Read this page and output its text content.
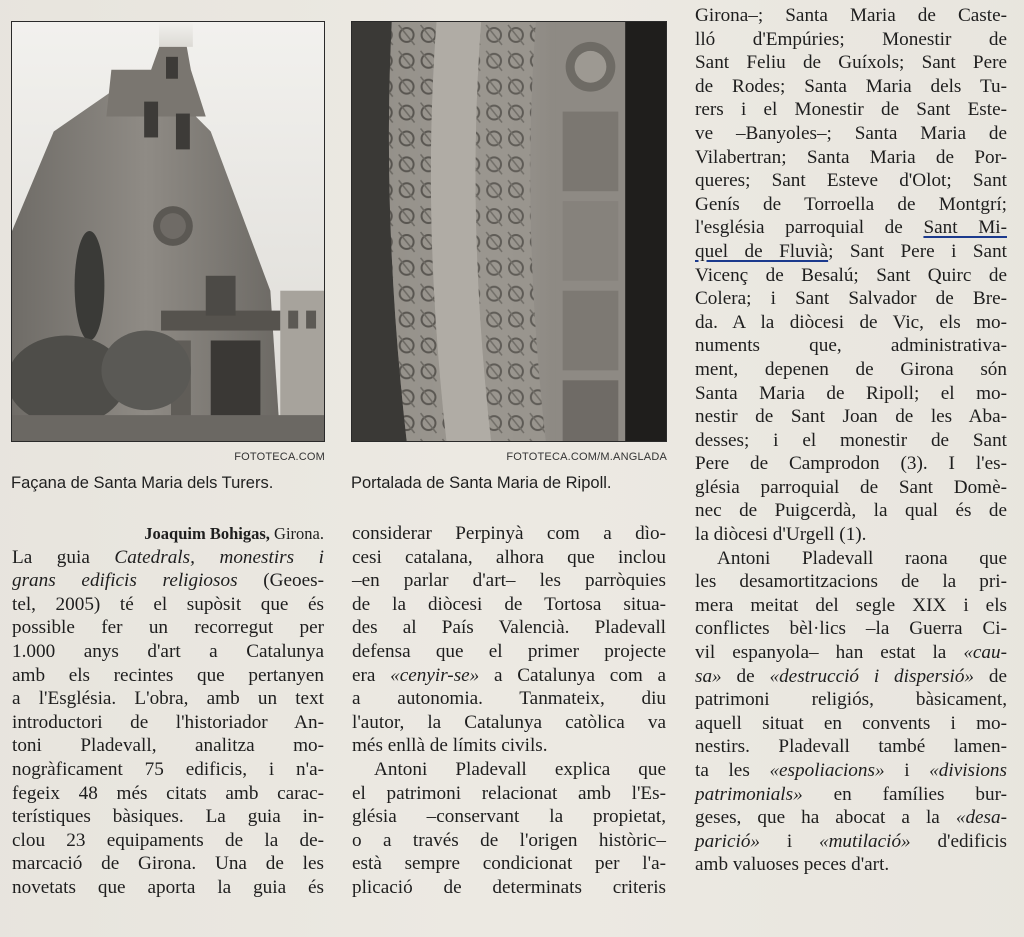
FOTOTECA.COM
Façana de Santa Maria dels Turers.
FOTOTECA.COM/M.ANGLADA
Portalada de Santa Maria de Ripoll.

Joaquim Bohigas, Girona.

La guia Catedrals, monestirs i

grans edificis religiosos (Geoes-

tel, 2005) té el supòsit que és

possible fer un recorregut per

1.000 anys d'art a Catalunya

amb els recintes que pertanyen

a l'Església. L'obra, amb un text

introductori de l'historiador An-

toni Pladevall, analitza mo-

nogràficament 75 edificis, i n'a-

fegeix 48 més citats amb carac-

terístiques bàsiques. La guia in-

clou 23 equipaments de la de-

marcació de Girona. Una de les

novetats que aporta la guia és

considerar Perpinyà com a dìo-

cesi catalana, alhora que inclou

–en parlar d'art– les parròquies

de la diòcesi de Tortosa situa-

des al País Valencià. Pladevall

defensa que el primer projecte

era «cenyir-se» a Catalunya com a

a autonomia. Tanmateix, diu

l'autor, la Catalunya catòlica va

més enllà de límits civils.

Antoni Pladevall explica que

el patrimoni relacionat amb l'Es-

glésia –conservant la propietat,

o a través de l'origen històric–

està sempre condicionat per l'a-

plicació de determinats criteris

Girona–; Santa Maria de Caste-

lló d'Empúries; Monestir de

Sant Feliu de Guíxols; Sant Pere

de Rodes; Santa Maria dels Tu-

rers i el Monestir de Sant Este-

ve –Banyoles–; Santa Maria de

Vilabertran; Santa Maria de Por-

queres; Sant Esteve d'Olot; Sant

Genís de Torroella de Montgrí;

l'església parroquial de Sant Mi-

quel de Fluvià; Sant Pere i Sant

Vicenç de Besalú; Sant Quirc de

Colera; i Sant Salvador de Bre-

da. A la diòcesi de Vic, els mo-

numents que, administrativa-

ment, depenen de Girona són

Santa Maria de Ripoll; el mo-

nestir de Sant Joan de les Aba-

desses; i el monestir de Sant

Pere de Camprodon (3). I l'es-

glésia parroquial de Sant Domè-

nec de Puigcerdà, la qual és de

la diòcesi d'Urgell (1).

Antoni Pladevall raona que

les desamortitzacions de la pri-

mera meitat del segle XIX i els

conflictes bèl·lics –la Guerra Ci-

vil espanyola– han estat la «cau-

sa» de «destrucció i dispersió» de

patrimoni religiós, bàsicament,

aquell situat en convents i mo-

nestirs. Pladevall també lamen-

ta les «espoliacions» i «divisions

patrimonials» en famílies bur-

geses, que ha abocat a la «desa-

parició» i «mutilació» d'edificis

amb valuoses peces d'art.
